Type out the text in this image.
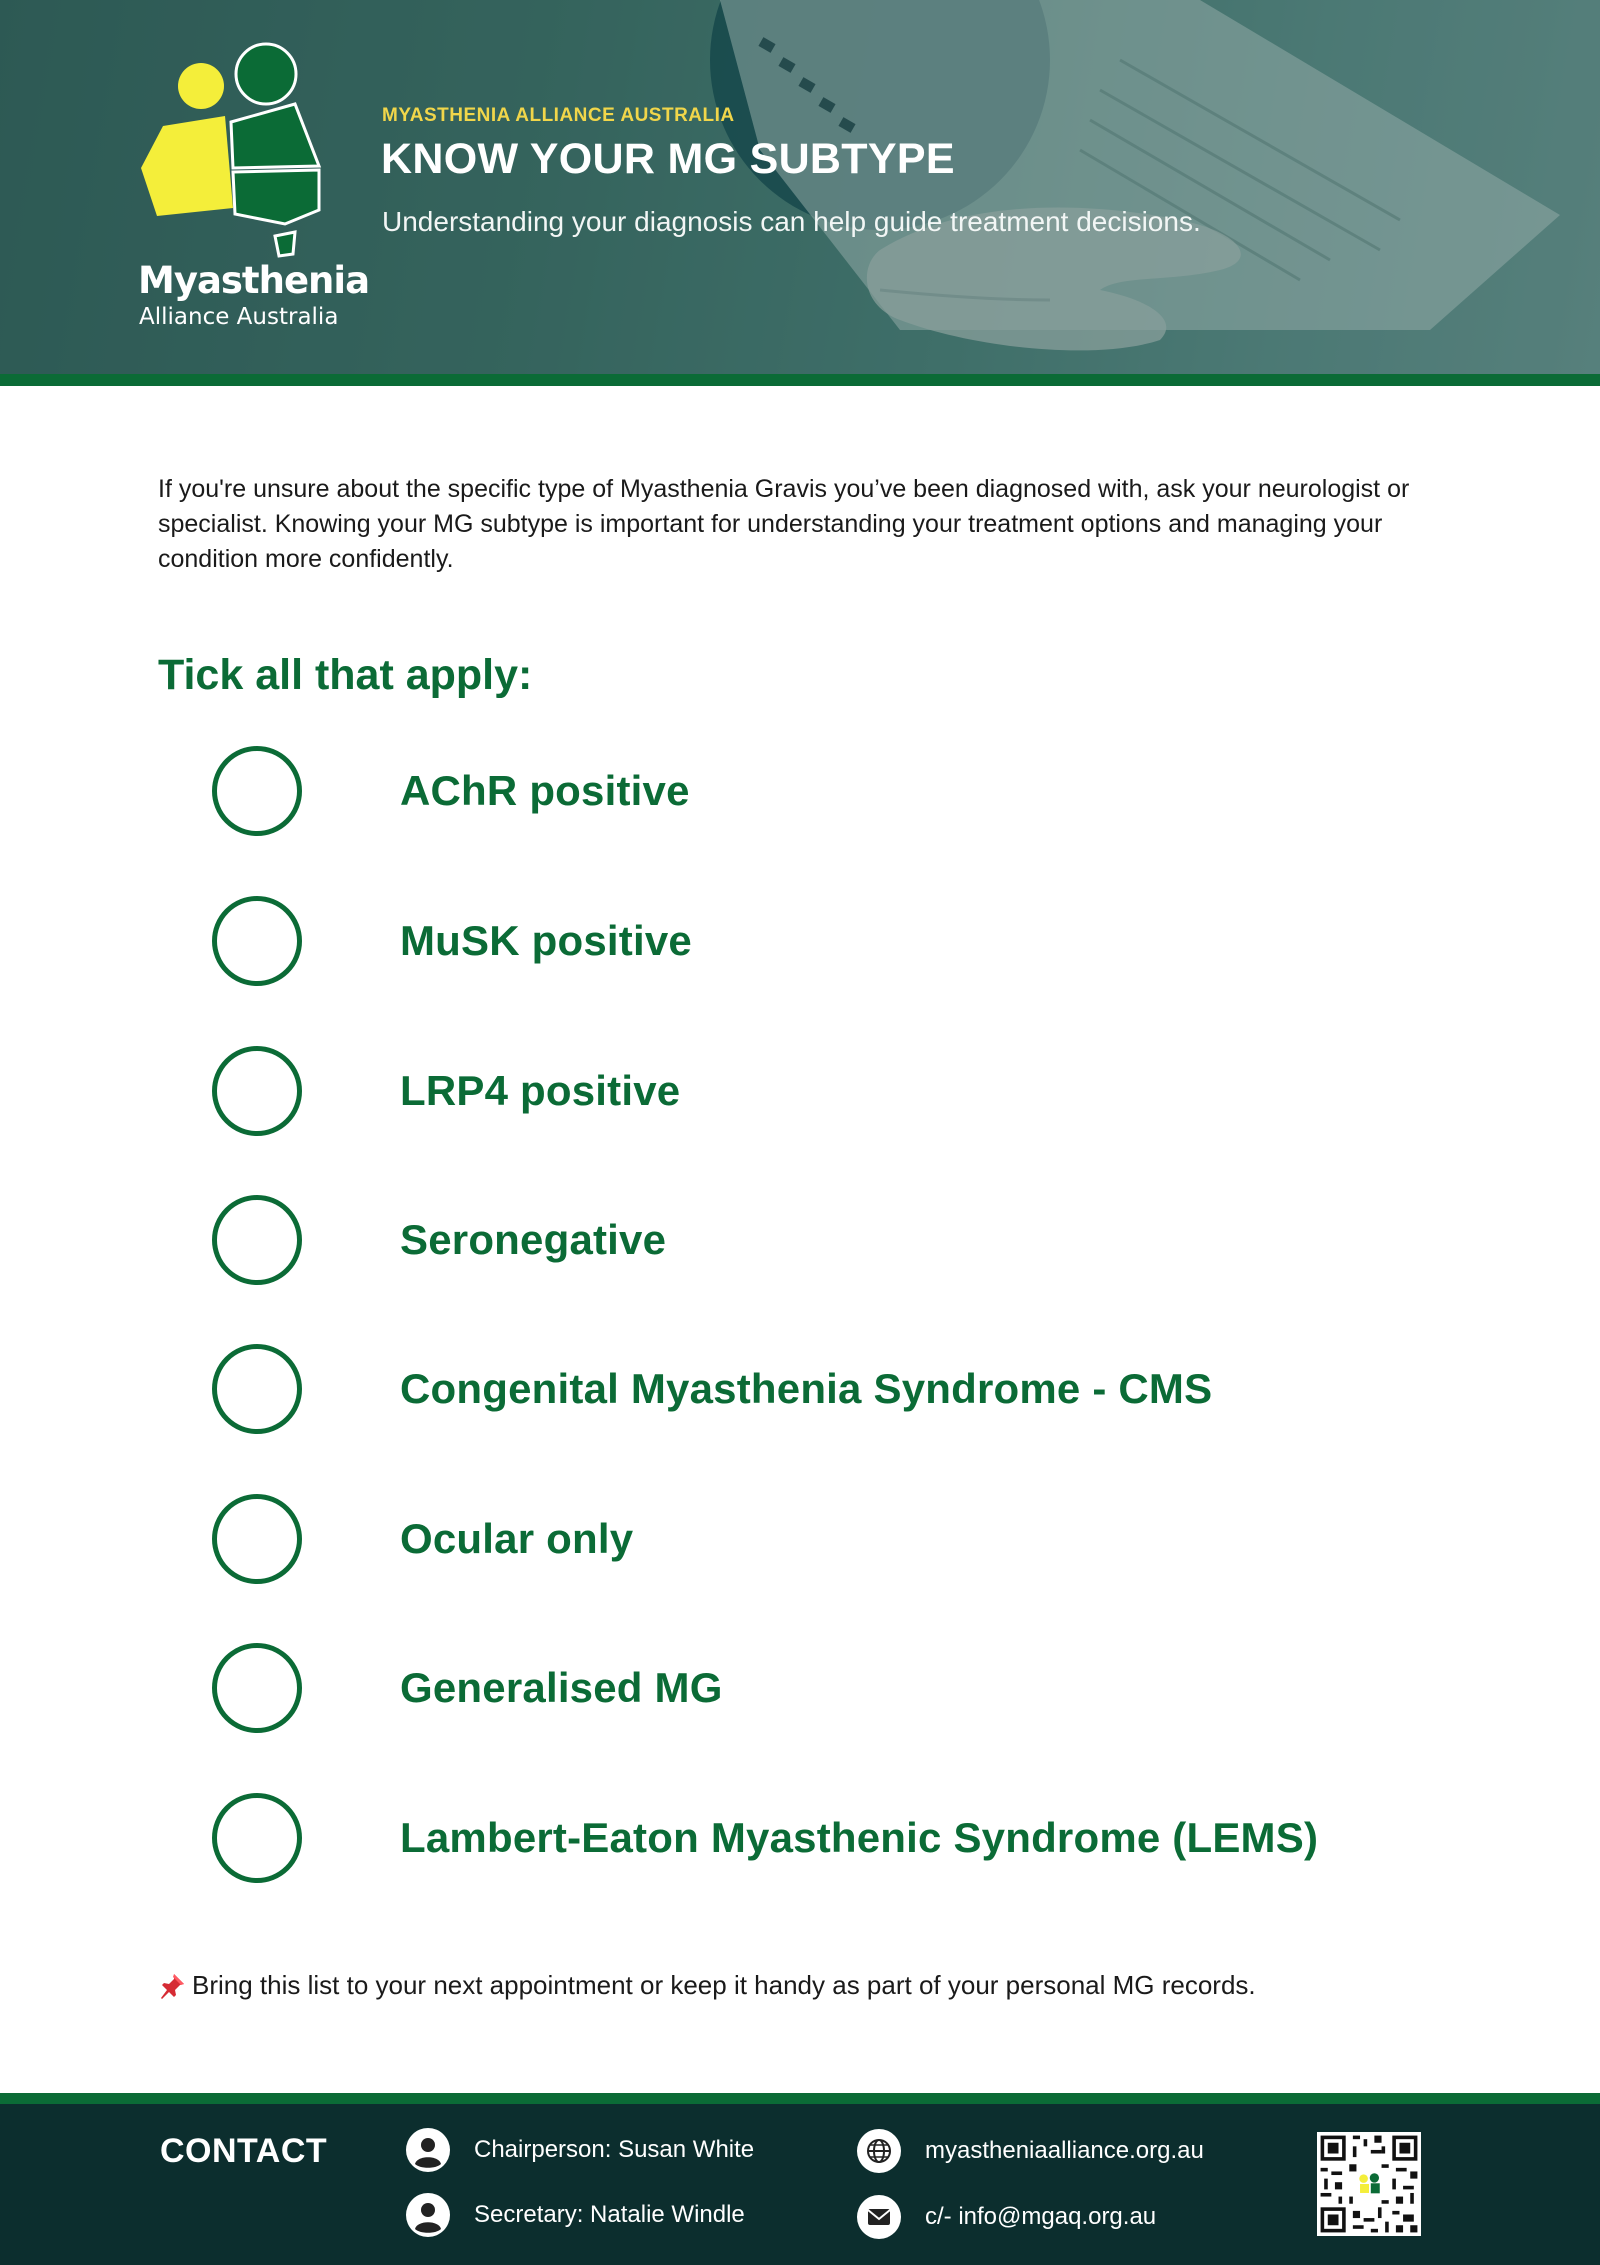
Myasthenia
Alliance Australia
MYASTHENIA ALLIANCE AUSTRALIA
KNOW YOUR MG SUBTYPE
Understanding your diagnosis can help guide treatment decisions.
If you're unsure about the specific type of Myasthenia Gravis you’ve been diagnosed with, ask your neurologist or specialist. Knowing your MG subtype is important for understanding your treatment options and managing your condition more confidently.
Tick all that apply:
AChR positive
MuSK positive
LRP4 positive
Seronegative
Congenital Myasthenia Syndrome - CMS
Ocular only
Generalised MG
Lambert-Eaton Myasthenic Syndrome (LEMS)
Bring this list to your next appointment or keep it handy as part of your personal MG records.
CONTACT	Chairperson: Susan White
Secretary: Natalie Windle
myastheniaalliance.org.au
c/- info@mgaq.org.au
